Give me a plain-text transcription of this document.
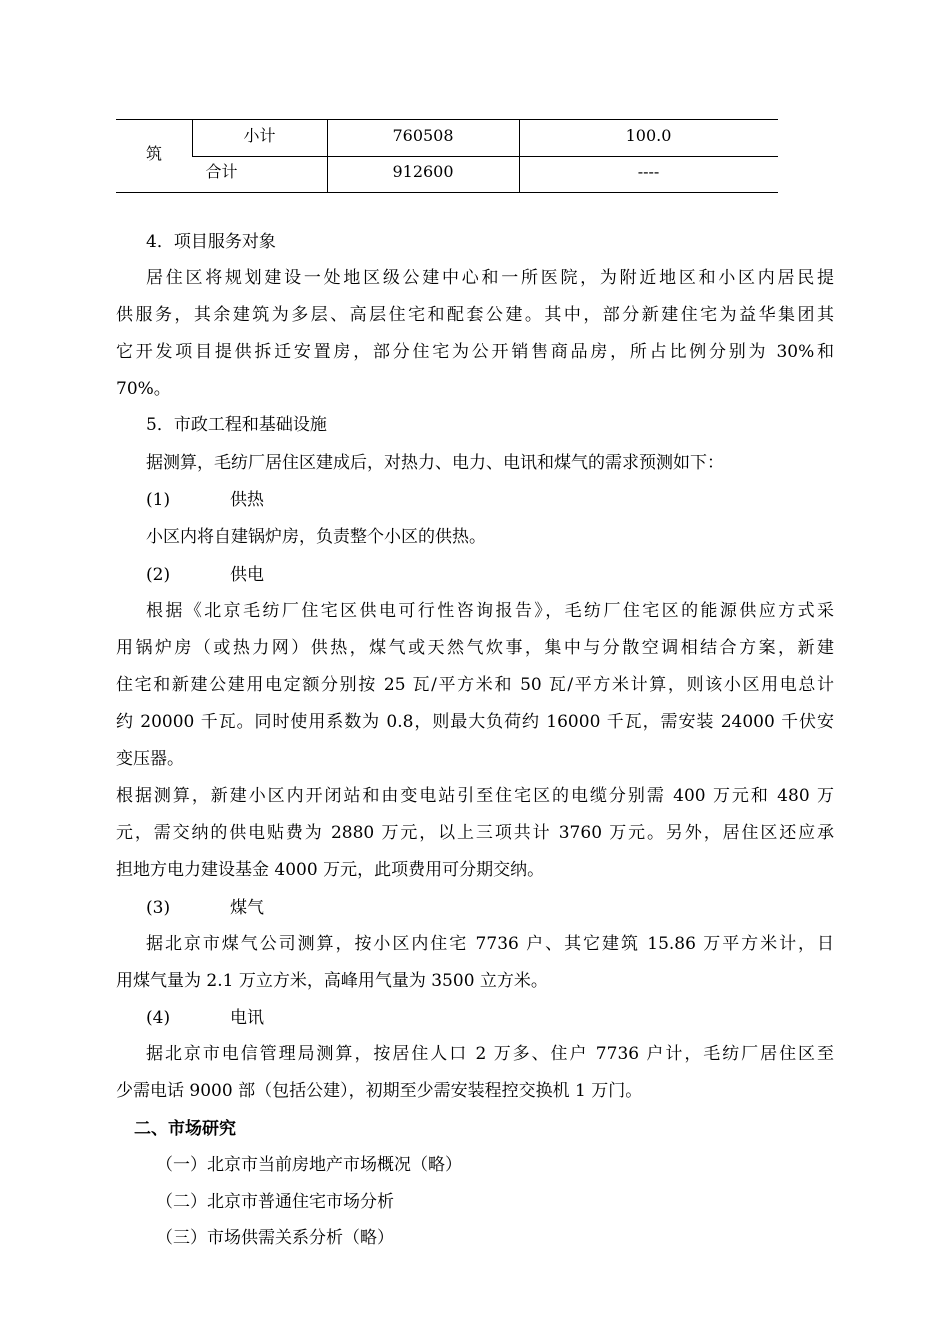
筑
小计	760508	100.0
合计	912600	----
4．项目服务对象
居住区将规划建设一处地区级公建中心和一所医院，为附近地区和小区内居民提
供服务，其余建筑为多层、高层住宅和配套公建。其中，部分新建住宅为益华集团其
它开发项目提供拆迁安置房，部分住宅为公开销售商品房，所占比例分别为 30%和
70%。
5．市政工程和基础设施
据测算，毛纺厂居住区建成后，对热力、电力、电讯和煤气的需求预测如下：
(1)	供热
小区内将自建锅炉房，负责整个小区的供热。
(2)	供电
根据《北京毛纺厂住宅区供电可行性咨询报告》，毛纺厂住宅区的能源供应方式采
用锅炉房（或热力网）供热，煤气或天然气炊事，集中与分散空调相结合方案，新建
住宅和新建公建用电定额分别按 25 瓦/平方米和 50 瓦/平方米计算，则该小区用电总计
约 20000 千瓦。同时使用系数为 0.8，则最大负荷约 16000 千瓦，需安装 24000 千伏安
变压器。
根据测算，新建小区内开闭站和由变电站引至住宅区的电缆分别需 400 万元和 480 万
元，需交纳的供电贴费为 2880 万元，以上三项共计 3760 万元。另外，居住区还应承
担地方电力建设基金 4000 万元，此项费用可分期交纳。
(3)	煤气
据北京市煤气公司测算，按小区内住宅 7736 户、其它建筑 15.86 万平方米计，日
用煤气量为 2.1 万立方米，高峰用气量为 3500 立方米。
(4)	电讯
据北京市电信管理局测算，按居住人口 2 万多、住户 7736 户计，毛纺厂居住区至
少需电话 9000 部（包括公建），初期至少需安装程控交换机 1 万门。
二、市场研究
（一）北京市当前房地产市场概况（略）
（二）北京市普通住宅市场分析
（三）市场供需关系分析（略）
